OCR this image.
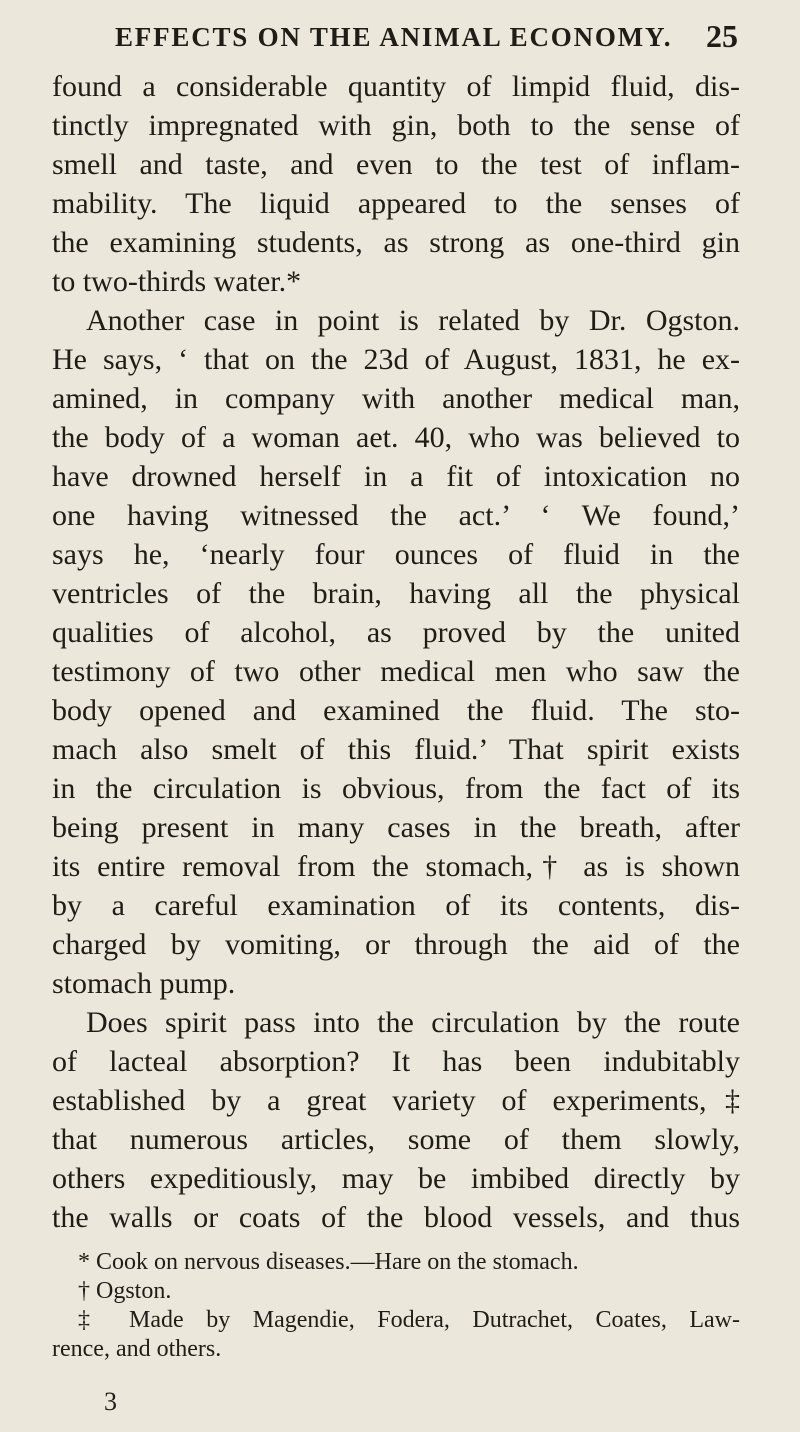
EFFECTS ON THE ANIMAL ECONOMY. 25
found a considerable quantity of limpid fluid, dis-
tinctly impregnated with gin, both to the sense of
smell and taste, and even to the test of inflam-
mability. The liquid appeared to the senses of
the examining students, as strong as one-third gin
to two-thirds water.*
Another case in point is related by Dr. Ogston.
He says, ‘ that on the 23d of August, 1831, he ex-
amined, in company with another medical man,
the body of a woman aet. 40, who was believed to
have drowned herself in a fit of intoxication no
one having witnessed the act.’ ‘ We found,’
says he, ‘nearly four ounces of fluid in the
ventricles of the brain, having all the physical
qualities of alcohol, as proved by the united
testimony of two other medical men who saw the
body opened and examined the fluid. The sto-
mach also smelt of this fluid.’ That spirit exists
in the circulation is obvious, from the fact of its
being present in many cases in the breath, after
its entire removal from the stomach,† as is shown
by a careful examination of its contents, dis-
charged by vomiting, or through the aid of the
stomach pump.
Does spirit pass into the circulation by the route
of lacteal absorption? It has been indubitably
established by a great variety of experiments,‡
that numerous articles, some of them slowly,
others expeditiously, may be imbibed directly by
the walls or coats of the blood vessels, and thus
* Cook on nervous diseases.—Hare on the stomach.
† Ogston.
‡ Made by Magendie, Fodera, Dutrachet, Coates, Law-
rence, and others.
3
